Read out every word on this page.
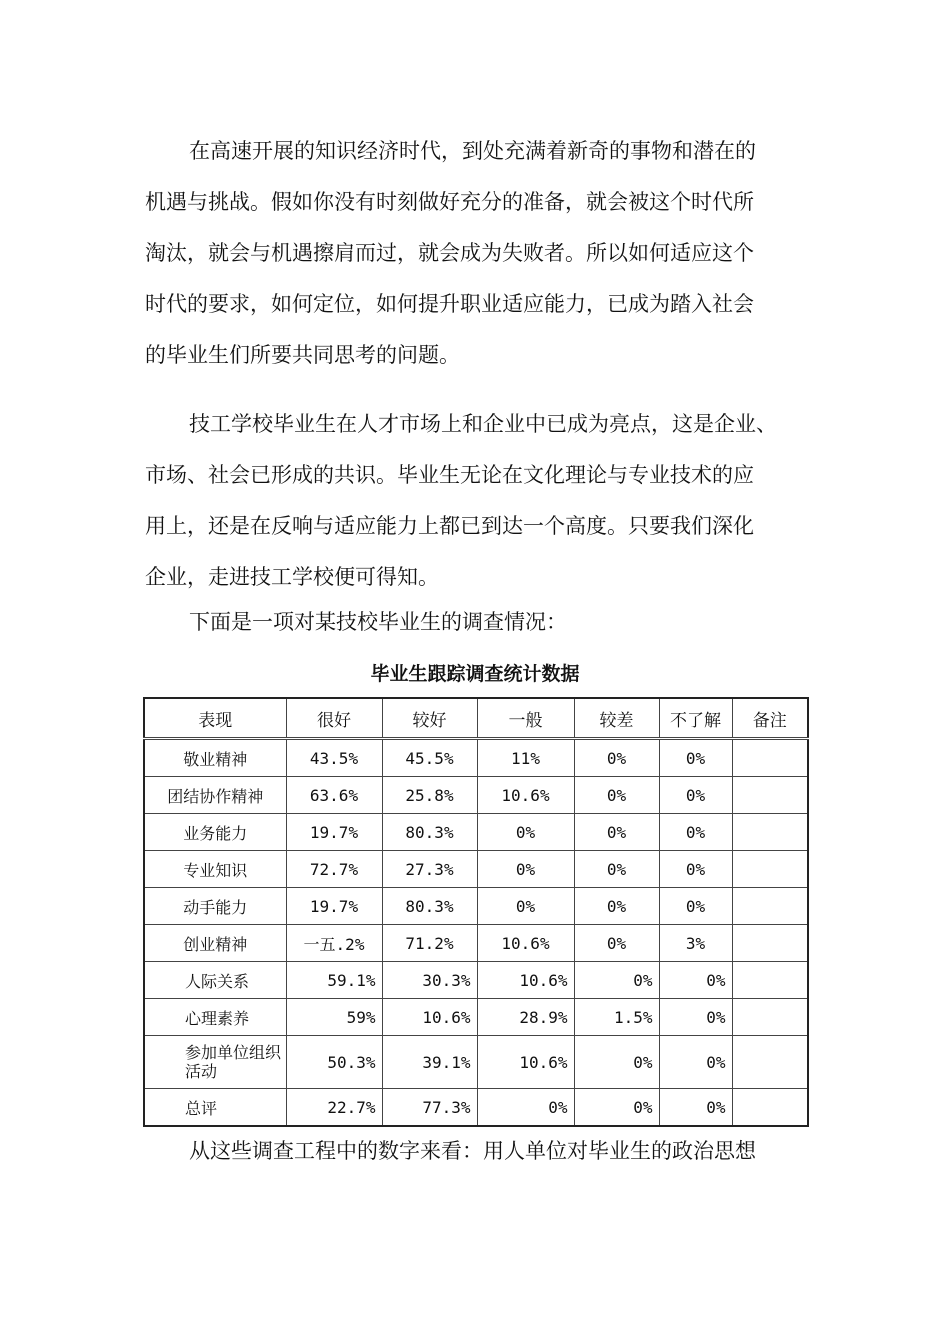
在高速开展的知识经济时代，到处充满着新奇的事物和潜在的
机遇与挑战。假如你没有时刻做好充分的准备，就会被这个时代所
淘汰，就会与机遇擦肩而过，就会成为失败者。所以如何适应这个
时代的要求，如何定位，如何提升职业适应能力，已成为踏入社会
的毕业生们所要共同思考的问题。
技工学校毕业生在人才市场上和企业中已成为亮点，这是企业、
市场、社会已形成的共识。毕业生无论在文化理论与专业技术的应
用上，还是在反响与适应能力上都已到达一个高度。只要我们深化
企业，走进技工学校便可得知。
下面是一项对某技校毕业生的调查情况：
毕业生跟踪调查统计数据
表现	很好	较好	一般	较差	不了解	备注
敬业精神	43.5%	45.5%	11%	0%	0%	
团结协作精神	63.6%	25.8%	10.6%	0%	0%	
业务能力	19.7%	80.3%	0%	0%	0%	
专业知识	72.7%	27.3%	0%	0%	0%	
动手能力	19.7%	80.3%	0%	0%	0%	
创业精神	一五.2%	71.2%	10.6%	0%	3%	
人际关系	59.1%	30.3%	10.6%	0%	0%	
心理素养	59%	10.6%	28.9%	1.5%	0%	
参加单位组织活动	50.3%	39.1%	10.6%	0%	0%	
总评	22.7%	77.3%	0%	0%	0%	
从这些调查工程中的数字来看：用人单位对毕业生的政治思想
